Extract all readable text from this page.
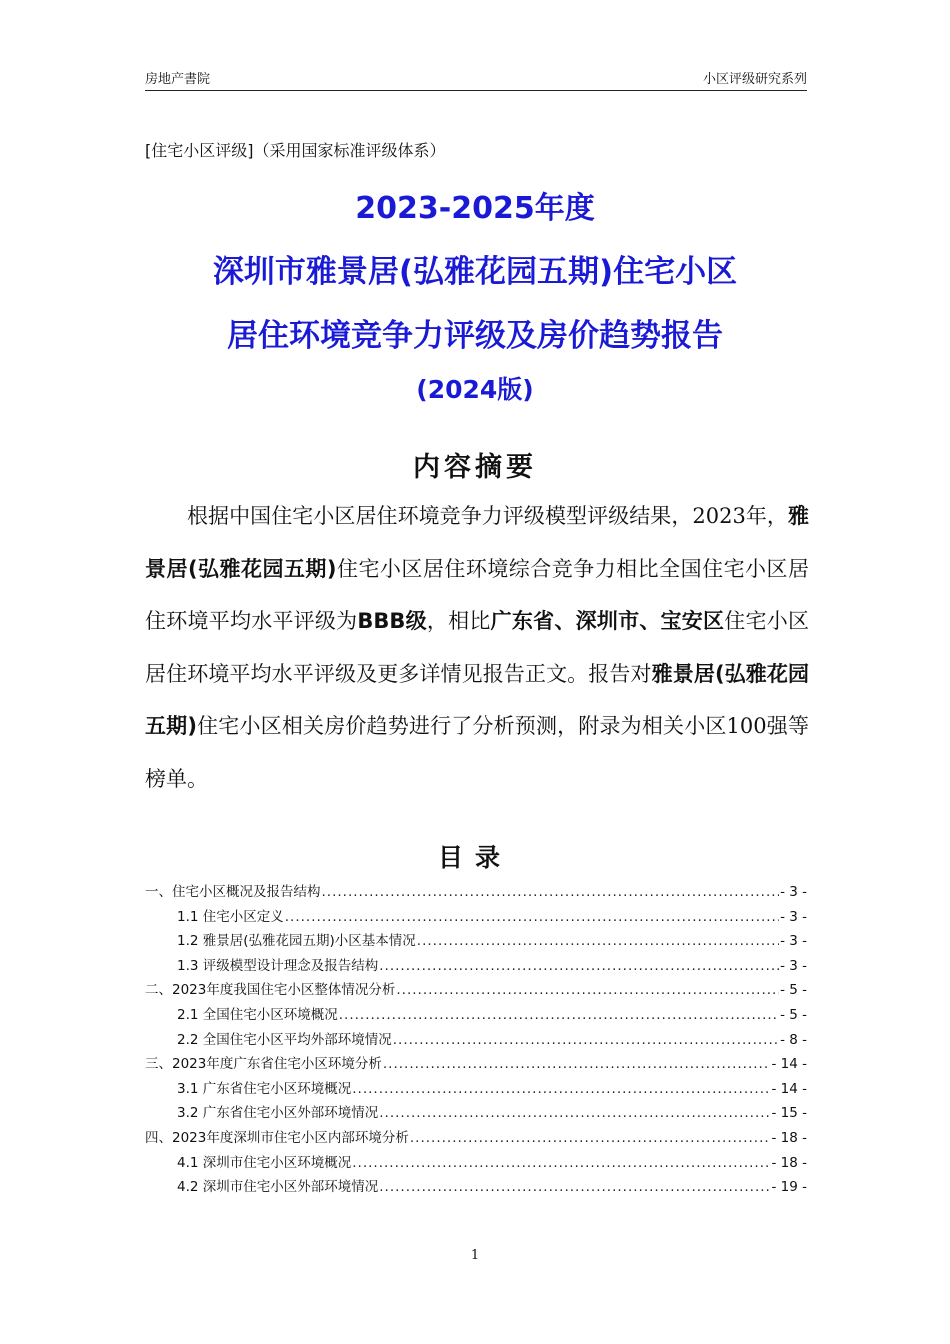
房地产書院	小区评级研究系列
[住宅小区评级]（采用国家标准评级体系）
2023-2025年度
深圳市雅景居(弘雅花园五期)住宅小区
居住环境竞争力评级及房价趋势报告
(2024版)
内容摘要

根据中国住宅小区居住环境竞争力评级模型评级结果，2023年，雅景居(弘雅花园五期)住宅小区居住环境综合竞争力相比全国住宅小区居住环境平均水平评级为BBB级，相比广东省、深圳市、宝安区住宅小区居住环境平均水平评级及更多详情见报告正文。报告对雅景居(弘雅花园五期)住宅小区相关房价趋势进行了分析预测，附录为相关小区100强等榜单。

目录
一、住宅小区概况及报告结构 .....	- 3 -
1.1 住宅小区定义 .....	- 3 -
1.2 雅景居(弘雅花园五期)小区基本情况 .....	- 3 -
1.3 评级模型设计理念及报告结构 .....	- 3 -
二、2023年度我国住宅小区整体情况分析 .....	- 5 -
2.1 全国住宅小区环境概况 .....	- 5 -
2.2 全国住宅小区平均外部环境情况 .....	- 8 -
三、2023年度广东省住宅小区环境分析 .....	- 14 -
3.1 广东省住宅小区环境概况 .....	- 14 -
3.2 广东省住宅小区外部环境情况 .....	- 15 -
四、2023年度深圳市住宅小区内部环境分析 .....	- 18 -
4.1 深圳市住宅小区环境概况 .....	- 18 -
4.2 深圳市住宅小区外部环境情况 .....	- 19 -
1
